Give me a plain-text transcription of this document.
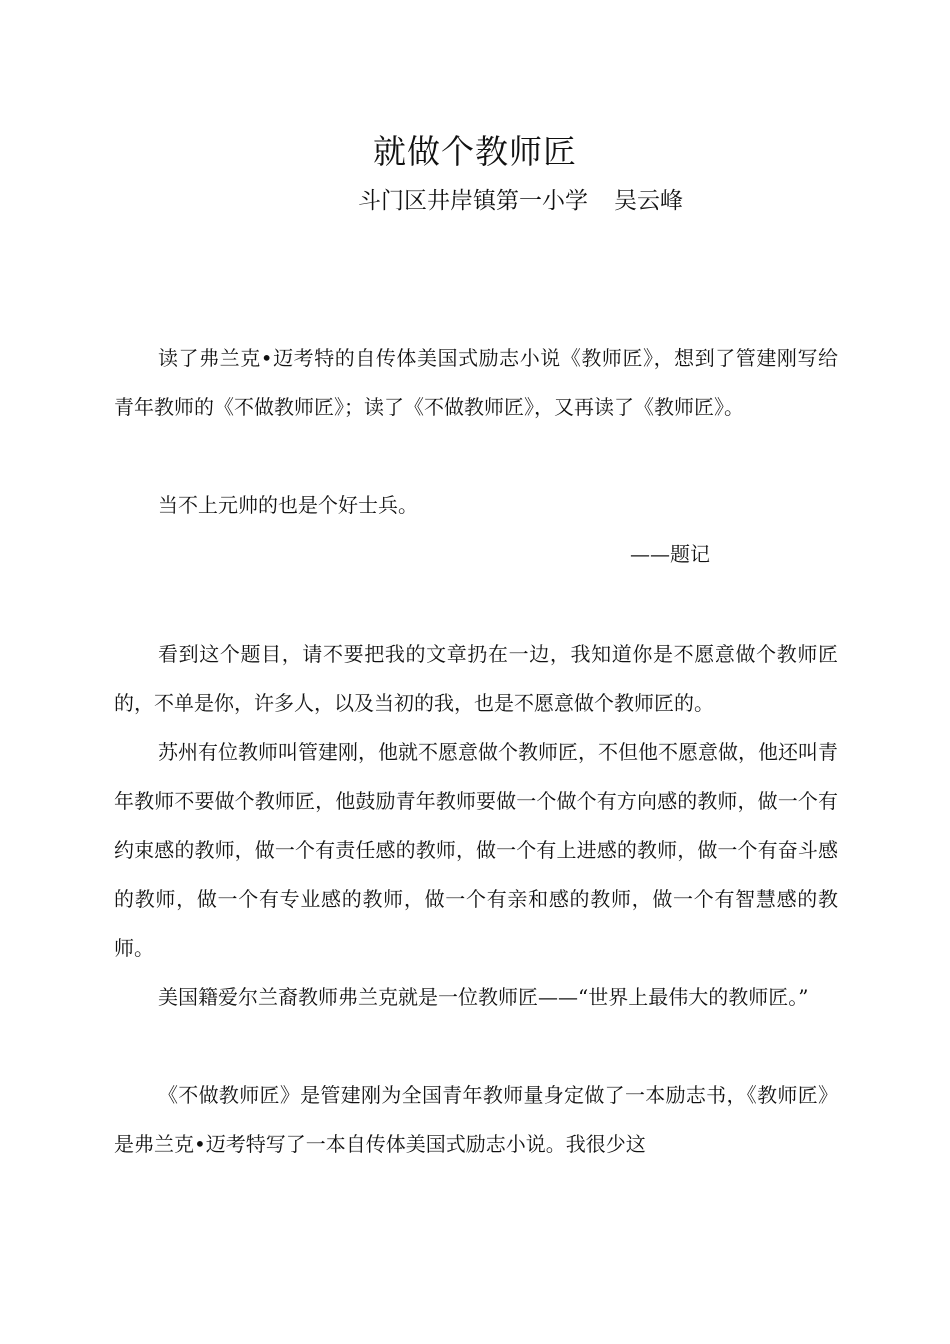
就做个教师匠
斗门区井岸镇第一小学 吴云峰

读了弗兰克•迈考特的自传体美国式励志小说《教师匠》，想到了管建刚写给青年教师的《不做教师匠》；读了《不做教师匠》，又再读了《教师匠》。

当不上元帅的也是个好士兵。

——题记

看到这个题目，请不要把我的文章扔在一边，我知道你是不愿意做个教师匠的，不单是你，许多人，以及当初的我，也是不愿意做个教师匠的。

苏州有位教师叫管建刚，他就不愿意做个教师匠，不但他不愿意做，他还叫青年教师不要做个教师匠，他鼓励青年教师要做一个做个有方向感的教师，做一个有约束感的教师，做一个有责任感的教师，做一个有上进感的教师，做一个有奋斗感的教师，做一个有专业感的教师，做一个有亲和感的教师，做一个有智慧感的教师。

美国籍爱尔兰裔教师弗兰克就是一位教师匠——“世界上最伟大的教师匠。”

《不做教师匠》是管建刚为全国青年教师量身定做了一本励志书，《教师匠》是弗兰克•迈考特写了一本自传体美国式励志小说。我很少这
